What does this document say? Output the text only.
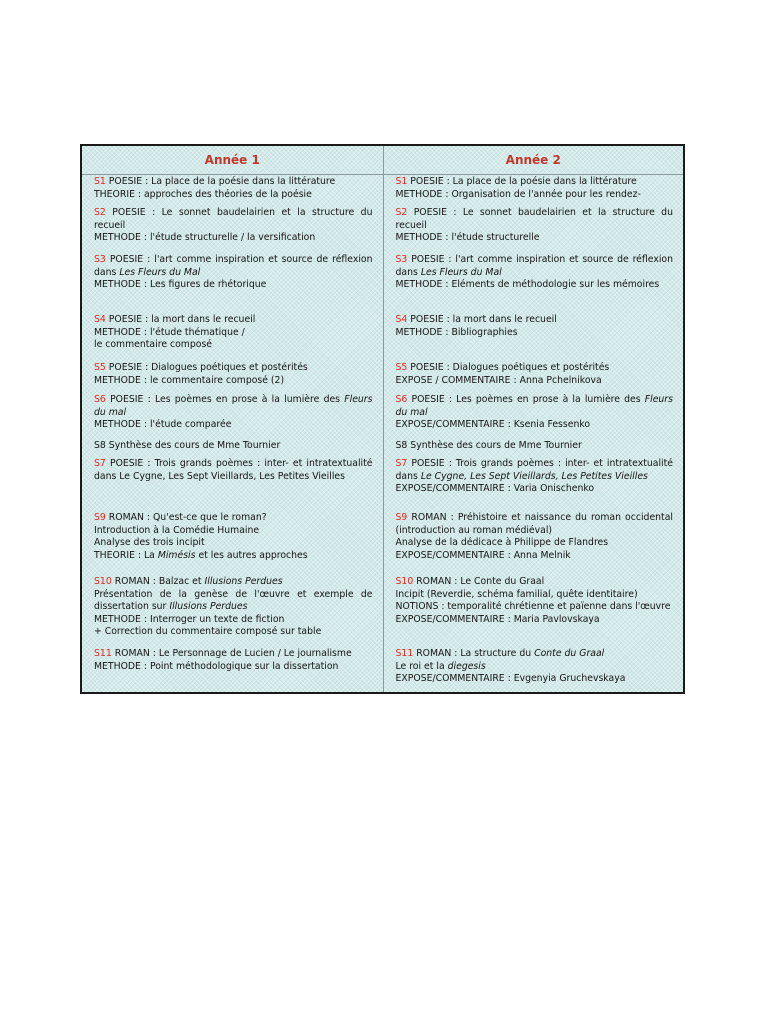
Année 1
S1 POESIE : La place de la poésie dans la littérature
THEORIE : approches des théories de la poésie
S2 POESIE : Le sonnet baudelairien et la structure du recueil
METHODE : l'étude structurelle / la versification
S3 POESIE : l'art comme inspiration et source de réflexion dans Les Fleurs du Mal
METHODE : Les figures de rhétorique
S4 POESIE : la mort dans le recueil
METHODE : l'étude thématique /
le commentaire composé
S5 POESIE : Dialogues poétiques et postérités
METHODE : le commentaire composé (2)
S6 POESIE : Les poèmes en prose à la lumière des Fleurs du mal
METHODE : l'étude comparée
S8 Synthèse des cours de Mme Tournier
S7 POESIE : Trois grands poèmes : inter- et intratextualité dans Le Cygne, Les Sept Vieillards, Les Petites Vieilles
S9 ROMAN : Qu'est-ce que le roman?
Introduction à la Comédie Humaine
Analyse des trois incipit
THEORIE : La Mimésis et les autres approches
S10 ROMAN : Balzac et Illusions Perdues
Présentation de la genèse de l'œuvre et exemple de dissertation sur Illusions Perdues
METHODE : Interroger un texte de fiction
+ Correction du commentaire composé sur table
S11 ROMAN : Le Personnage de Lucien / Le journalisme
METHODE : Point méthodologique sur la dissertation
Année 2
S1 POESIE : La place de la poésie dans la littérature
METHODE : Organisation de l'année pour les rendez-
S2 POESIE : Le sonnet baudelairien et la structure du recueil
METHODE : l'étude structurelle
S3 POESIE : l'art comme inspiration et source de réflexion dans Les Fleurs du Mal
METHODE : Eléments de méthodologie sur les mémoires
S4 POESIE : la mort dans le recueil
METHODE : Bibliographies
S5 POESIE : Dialogues poétiques et postérités
EXPOSE / COMMENTAIRE : Anna Pchelnikova
S6 POESIE : Les poèmes en prose à la lumière des Fleurs du mal
EXPOSE/COMMENTAIRE : Ksenia Fessenko
S8 Synthèse des cours de Mme Tournier
S7 POESIE : Trois grands poèmes : inter- et intratextualité dans Le Cygne, Les Sept Vieillards, Les Petites Vieilles
EXPOSE/COMMENTAIRE : Varia Onischenko
S9 ROMAN : Préhistoire et naissance du roman occidental (introduction au roman médiéval)
Analyse de la dédicace à Philippe de Flandres
EXPOSE/COMMENTAIRE : Anna Melnik
S10 ROMAN : Le Conte du Graal
Incipit (Reverdie, schéma familial, quête identitaire)
NOTIONS : temporalité chrétienne et païenne dans l'œuvre
EXPOSE/COMMENTAIRE : Maria Pavlovskaya
S11 ROMAN : La structure du Conte du Graal
Le roi et la diegesis
EXPOSE/COMMENTAIRE : Evgenyia Gruchevskaya
